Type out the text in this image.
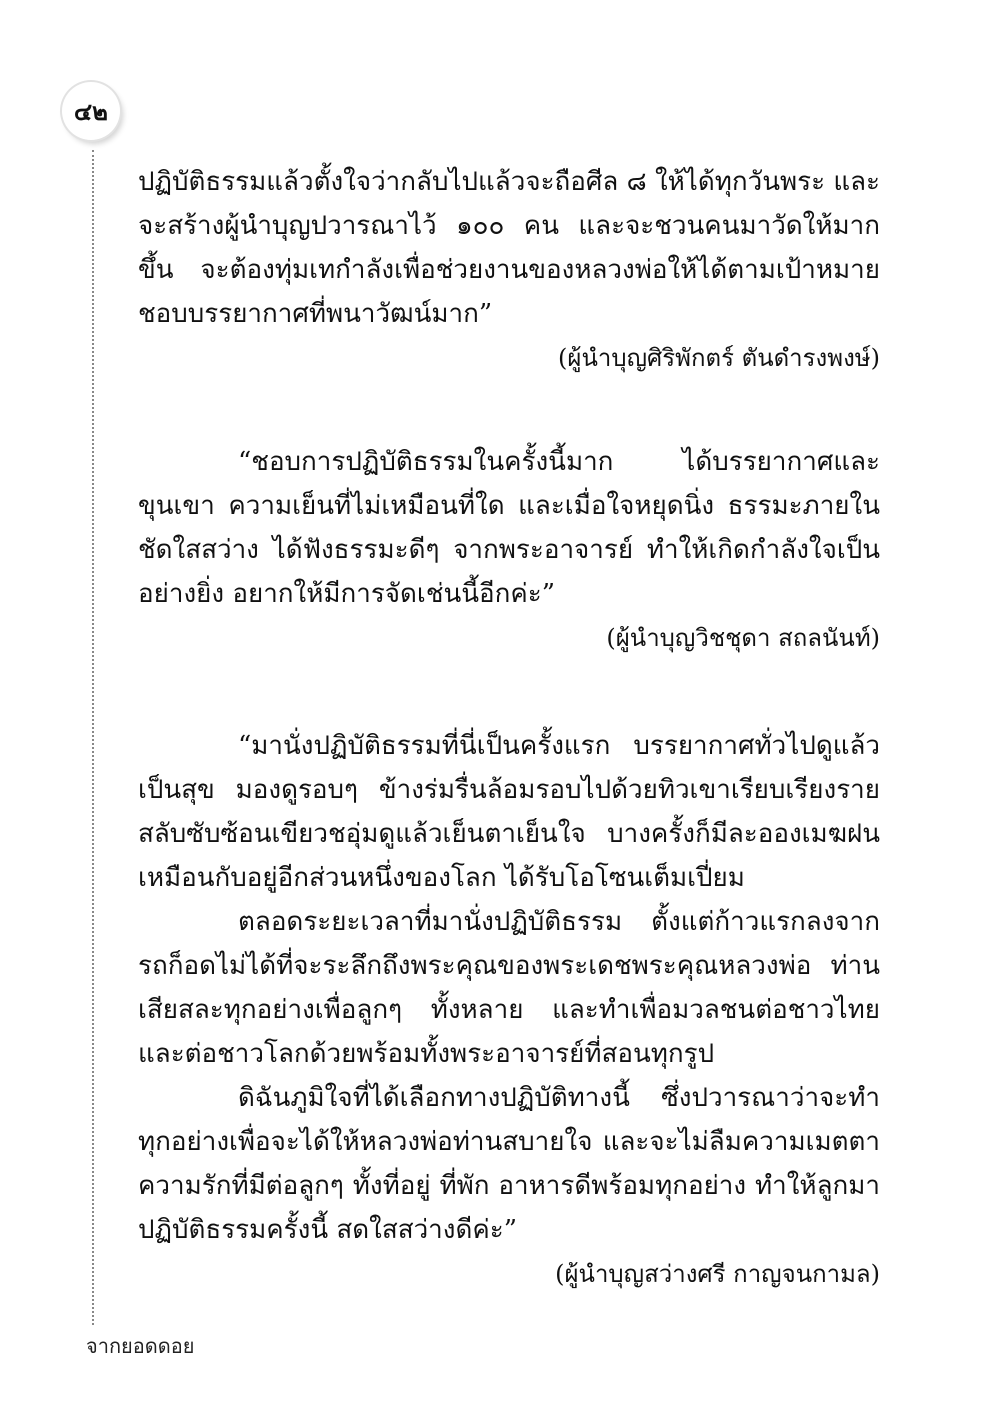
๔๒

ปฏิบัติธรรมแล้วตั้งใจว่ากลับไปแล้วจะถือศีล ๘ ให้ได้ทุกวันพระ และจะสร้างผู้นำบุญปวารณาไว้ ๑๐๐ คน และจะชวนคนมาวัดให้มากขึ้น จะต้องทุ่มเทกำลังเพื่อช่วยงานของหลวงพ่อให้ได้ตามเป้าหมาย ชอบบรรยากาศที่พนาวัฒน์มาก”

(ผู้นำบุญศิริพักตร์ ตันดำรงพงษ์)

“ชอบการปฏิบัติธรรมในครั้งนี้มาก ได้บรรยากาศและขุนเขา ความเย็นที่ไม่เหมือนที่ใด และเมื่อใจหยุดนิ่ง ธรรมะภายในชัดใสสว่าง ได้ฟังธรรมะดีๆ จากพระอาจารย์ ทำให้เกิดกำลังใจเป็นอย่างยิ่ง อยากให้มีการจัดเช่นนี้อีกค่ะ”

(ผู้นำบุญวิชชุดา สถลนันท์)

“มานั่งปฏิบัติธรรมที่นี่เป็นครั้งแรก บรรยากาศทั่วไปดูแล้วเป็นสุข มองดูรอบๆ ข้างร่มรื่นล้อมรอบไปด้วยทิวเขาเรียบเรียงราย สลับซับซ้อนเขียวชอุ่มดูแล้วเย็นตาเย็นใจ บางครั้งก็มีละอองเมฆฝนเหมือนกับอยู่อีกส่วนหนึ่งของโลก ได้รับโอโซนเต็มเปี่ยม

ตลอดระยะเวลาที่มานั่งปฏิบัติธรรม ตั้งแต่ก้าวแรกลงจากรถก็อดไม่ได้ที่จะระลึกถึงพระคุณของพระเดชพระคุณหลวงพ่อ ท่านเสียสละทุกอย่างเพื่อลูกๆ ทั้งหลาย และทำเพื่อมวลชนต่อชาวไทยและต่อชาวโลกด้วยพร้อมทั้งพระอาจารย์ที่สอนทุกรูป

ดิฉันภูมิใจที่ได้เลือกทางปฏิบัติทางนี้ ซึ่งปวารณาว่าจะทำทุกอย่างเพื่อจะได้ให้หลวงพ่อท่านสบายใจ และจะไม่ลืมความเมตตาความรักที่มีต่อลูกๆ ทั้งที่อยู่ ที่พัก อาหารดีพร้อมทุกอย่าง ทำให้ลูกมาปฏิบัติธรรมครั้งนี้ สดใสสว่างดีค่ะ”

(ผู้นำบุญสว่างศรี กาญจนกามล)

จากยอดดอย
